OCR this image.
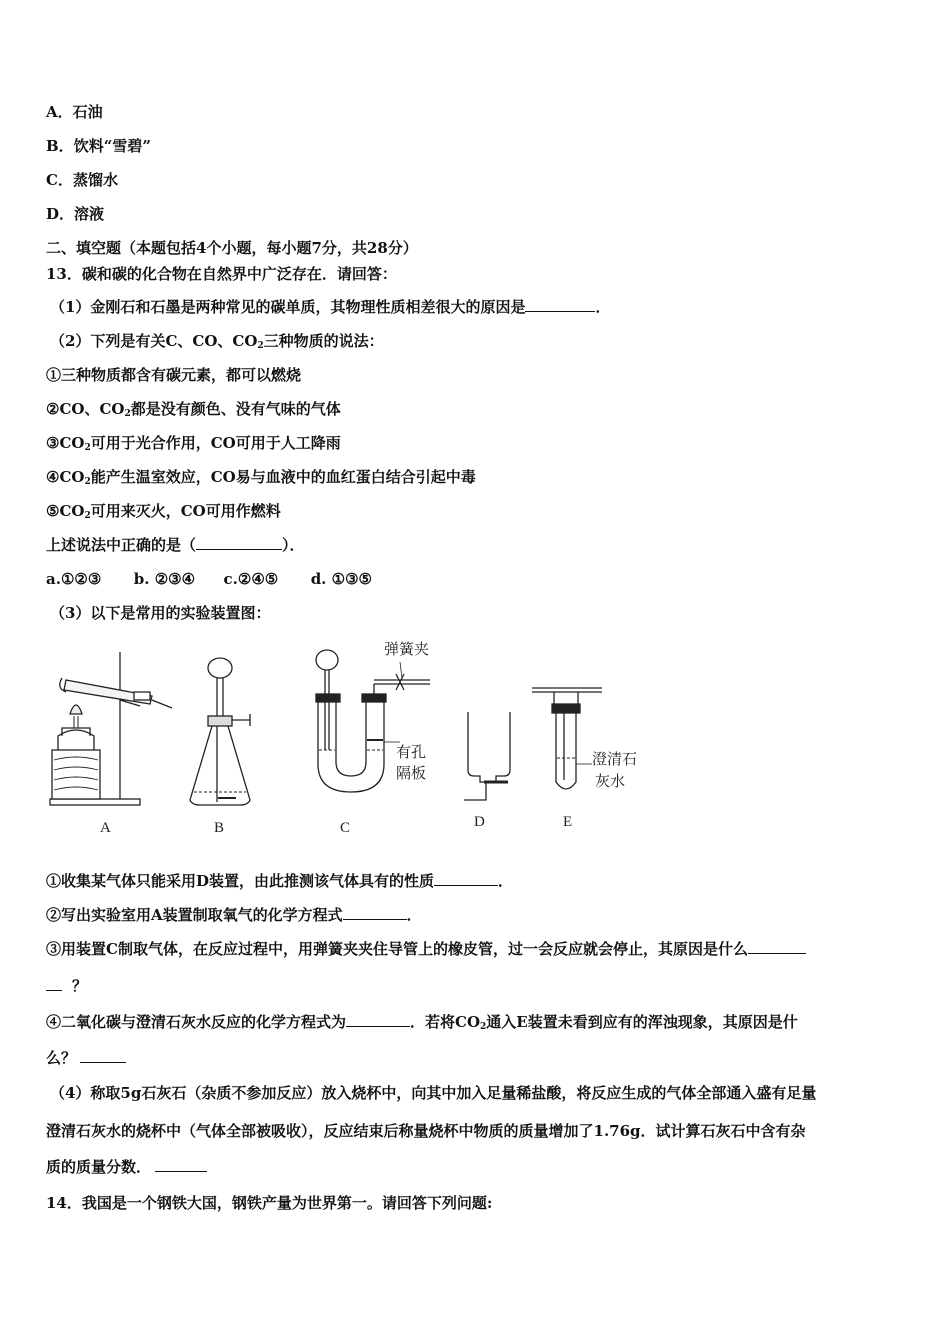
A．石油
B．饮料“雪碧”
C．蒸馏水
D．溶液
二、填空题（本题包括4个小题，每小题7分，共28分）
13．碳和碳的化合物在自然界中广泛存在．请回答：
（1）金刚石和石墨是两种常见的碳单质，其物理性质相差很大的原因是	．
（2）下列是有关C、CO、$CO_2$三种物质的说法：
①三种物质都含有碳元素，都可以燃烧
②CO、$CO_2$都是没有颜色、没有气味的气体
$③CO_2$可用于光合作用，CO可用于人工降雨
$④CO_2$能产生温室效应，CO易与血液中的血红蛋白结合引起中毒
$⑤CO_2$可用来灭火，CO可用作燃料
上述说法中正确的是（	）．
a.①②③ b. ②③④ c.②④⑤ d. ①③⑤
（3）以下是常用的实验装置图：
A	B	C	D	E
弹簧夹
有孔
隔板
澄清石
灰水
①收集某气体只能采用D装置，由此推测该气体具有的性质	．
②写出实验室用A装置制取氧气的化学方程式	．
③用装置C制取气体，在反应过程中，用弹簧夹夹住导管上的橡皮管，过一会反应就会停止，其原因是什么
？
④二氧化碳与澄清石灰水反应的化学方程式为	．若将$CO_2$通入E装置未看到应有的浑浊现象，其原因是什
么？
（4）称取5g石灰石（杂质不参加反应）放入烧杯中，向其中加入足量稀盐酸，将反应生成的气体全部通入盛有足量
澄清石灰水的烧杯中（气体全部被吸收），反应结束后称量烧杯中物质的质量增加了1.76g．试计算石灰石中含有杂
质的质量分数．
14．我国是一个钢铁大国，钢铁产量为世界第一。请回答下列问题:
